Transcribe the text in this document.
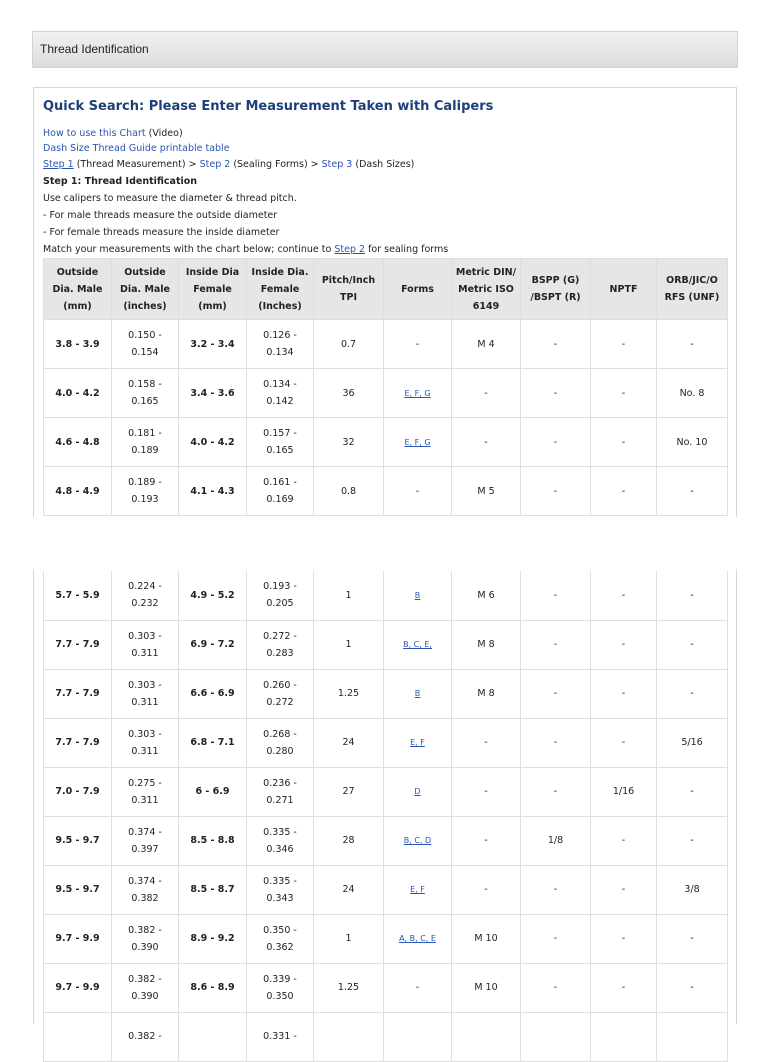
Thread Identification
Quick Search: Please Enter Measurement Taken with Calipers
How to use this Chart (Video)
Dash Size Thread Guide printable table
Step 1 (Thread Measurement) > Step 2 (Sealing Forms) > Step 3 (Dash Sizes)
Step 1: Thread Identification
Use calipers to measure the diameter & thread pitch.
- For male threads measure the outside diameter
- For female threads measure the inside diameter
Match your measurements with the chart below; continue to Step 2 for sealing forms
Outside
Dia. Male
(mm)	Outside
Dia. Male
(inches)	Inside Dia
Female
(mm)	Inside Dia.
Female
(Inches)	Pitch/Inch
TPI	Forms	Metric DIN/
Metric ISO
6149	BSPP (G)
/BSPT (R)	NPTF	ORB/JIC/O
RFS (UNF)
3.8 - 3.9	0.150 -
0.154	3.2 - 3.4	0.126 -
0.134	0.7	-	M 4	-	-	-
4.0 - 4.2	0.158 -
0.165	3.4 - 3.6	0.134 -
0.142	36	E, F, G	-	-	-	No. 8
4.6 - 4.8	0.181 -
0.189	4.0 - 4.2	0.157 -
0.165	32	E, F, G	-	-	-	No. 10
4.8 - 4.9	0.189 -
0.193	4.1 - 4.3	0.161 -
0.169	0.8	-	M 5	-	-	-
5.7 - 5.9	0.224 -
0.232	4.9 - 5.2	0.193 -
0.205	1	B	M 6	-	-	-
7.7 - 7.9	0.303 -
0.311	6.9 - 7.2	0.272 -
0.283	1	B, C, E,	M 8	-	-	-
7.7 - 7.9	0.303 -
0.311	6.6 - 6.9	0.260 -
0.272	1.25	B	M 8	-	-	-
7.7 - 7.9	0.303 -
0.311	6.8 - 7.1	0.268 -
0.280	24	E, F	-	-	-	5/16
7.0 - 7.9	0.275 -
0.311	6 - 6.9	0.236 -
0.271	27	D	-	-	1/16	-
9.5 - 9.7	0.374 -
0.397	8.5 - 8.8	0.335 -
0.346	28	B, C, D	-	1/8	-	-
9.5 - 9.7	0.374 -
0.382	8.5 - 8.7	0.335 -
0.343	24	E, F	-	-	-	3/8
9.7 - 9.9	0.382 -
0.390	8.9 - 9.2	0.350 -
0.362	1	A, B, C, E	M 10	-	-	-
9.7 - 9.9	0.382 -
0.390	8.6 - 8.9	0.339 -
0.350	1.25	-	M 10	-	-	-
	0.382 -		0.331 -
